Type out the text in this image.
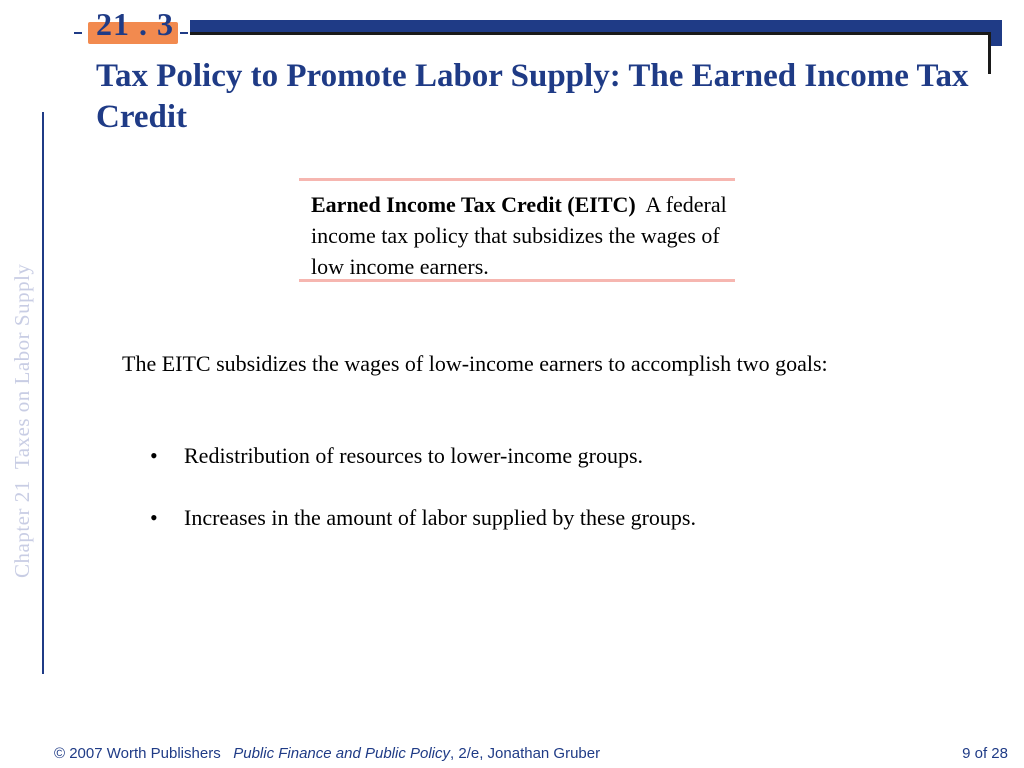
21 . 3
Tax Policy to Promote Labor Supply: The Earned Income Tax Credit
Chapter 21  Taxes on Labor Supply
Earned Income Tax Credit (EITC) A federal income tax policy that subsidizes the wages of low income earners.

The EITC subsidizes the wages of low-income earners to accomplish two goals:

• Redistribution of resources to lower-income groups.
• Increases in the amount of labor supplied by these groups.
© 2007 Worth Publishers Public Finance and Public Policy, 2/e, Jonathan Gruber	9 of 28
